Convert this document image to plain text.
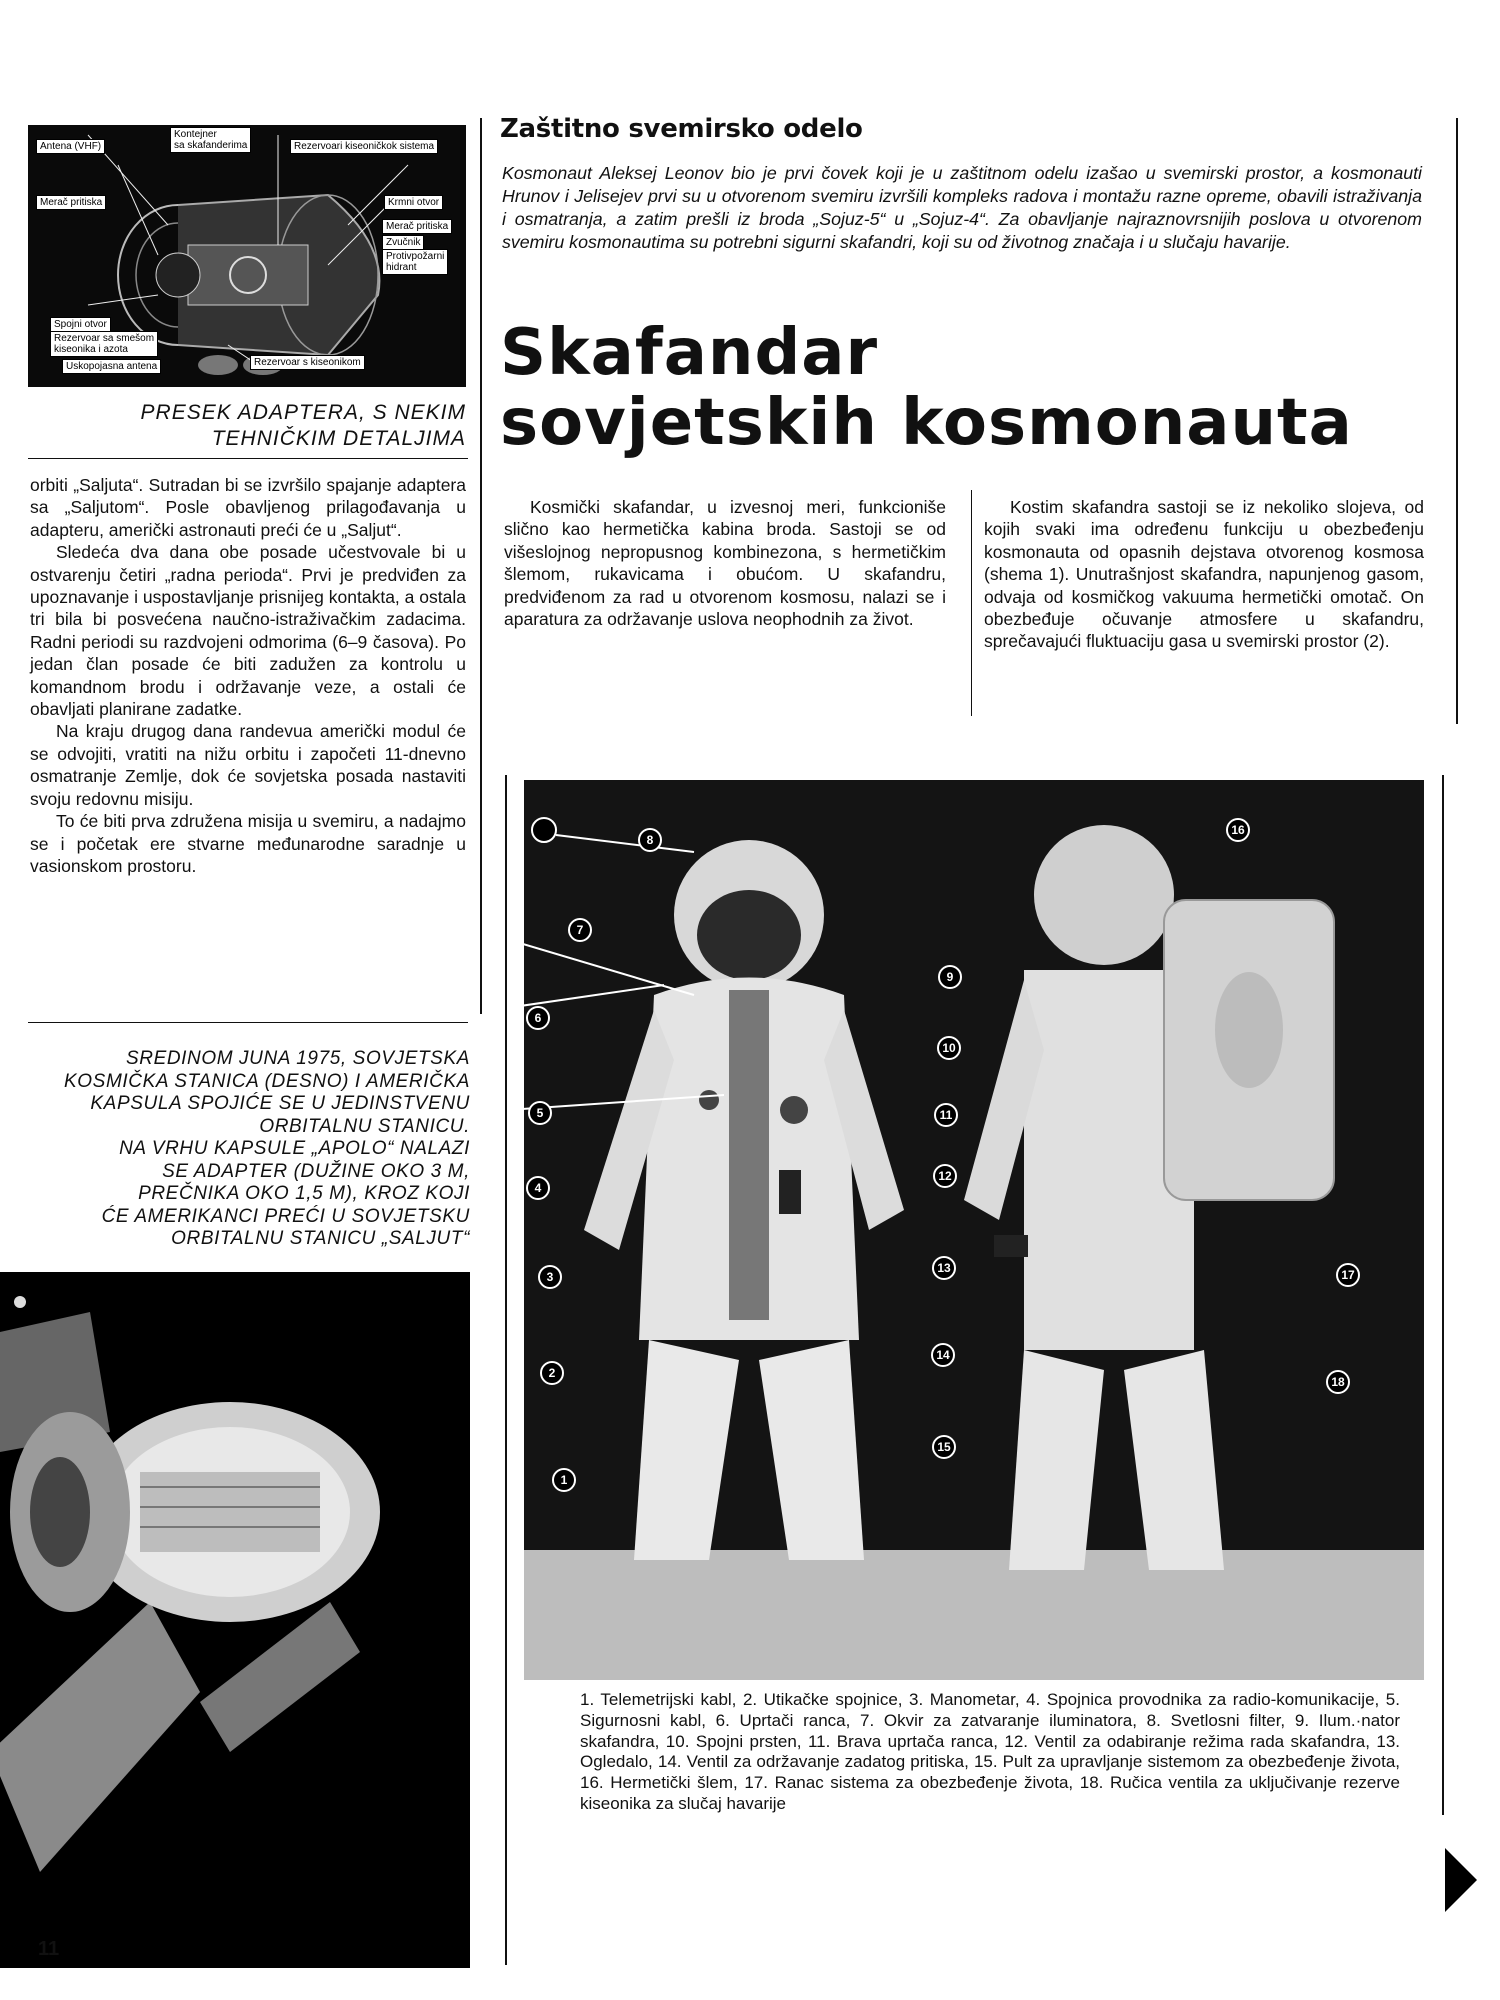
Antena (VHF)
Kontejner
sa skafanderima	Rezervoari kiseoničkok sistema
Merač pritiska	Krmni otvor
Merač pritiska
Zvučnik
Protivpožarni
hidrant
Spojni otvor
Rezervoar sa smešom
kiseonika i azota
Uskopojasna antena	Rezervoar s kiseonikom
PRESEK ADAPTERA, S NEKIM TEHNIČKIM DETALJIMA

orbiti „Saljuta“. Sutradan bi se izvršilo spajanje adaptera sa „Saljutom“. Posle obavljenog prilagođavanja u adapteru, američki astronauti preći će u „Saljut“.

Sledeća dva dana obe posade učestvovale bi u ostvarenju četiri „radna perioda“. Prvi je predviđen za upoznavanje i uspostavljanje prisnijeg kontakta, a ostala tri bila bi posvećena naučno-istraživačkim zadacima. Radni periodi su razdvojeni odmorima (6–9 časova). Po jedan član posade će biti zadužen za kontrolu u komandnom brodu i održavanje veze, a ostali će obavljati planirane zadatke.

Na kraju drugog dana randevua američki modul će se odvojiti, vratiti na nižu orbitu i započeti 11-dnevno osmatranje Zemlje, dok će sovjetska posada nastaviti svoju redovnu misiju.

To će biti prva združena misija u svemiru, a nadajmo se i početak ere stvarne međunarodne saradnje u vasionskom prostoru.

SREDINOM JUNA 1975, SOVJETSKA
KOSMIČKA STANICA (DESNO) I AMERIČKA
KAPSULA SPOJIĆE SE U JEDINSTVENU
ORBITALNU STANICU.
NA VRHU KAPSULE „APOLO“ NALAZI
SE ADAPTER (DUŽINE OKO 3 M,
PREČNIKA OKO 1,5 M), KROZ KOJI
ĆE AMERIKANCI PREĆI U SOVJETSKU
ORBITALNU STANICU „SALJUT“
Zaštitno svemirsko odelo
Kosmonaut Aleksej Leonov bio je prvi čovek koji je u zaštitnom odelu izašao u svemirski prostor, a kosmonauti Hrunov i Jelisejev prvi su u otvorenom svemiru izvršili kompleks radova i montažu razne opreme, obavili istraživanja i osmatranja, a zatim prešli iz broda „Sojuz-5“ u „Sojuz-4“. Za obavljanje najraznovrsnijih poslova u otvorenom svemiru kosmonautima su potrebni sigurni skafandri, koji su od životnog značaja i u slučaju havarije.
Skafandar
sovjetskih kosmonauta

Kosmički skafandar, u izvesnoj meri, funkcioniše slično kao hermetička kabina broda. Sastoji se od višeslojnog nepropusnog kombinezona, s hermetičkim šlemom, rukavicama i obućom. U skafandru, predviđenom za rad u otvorenom kosmosu, nalazi se i aparatura za održavanje uslova neophodnih za život.

Kostim skafandra sastoji se iz nekoliko slojeva, od kojih svaki ima određenu funkciju u obezbeđenju kosmonauta od opasnih dejstava otvorenog kosmosa (shema 1). Unutrašnjost skafandra, napunjenog gasom, odvaja od kosmičkog vakuuma hermetički omotač. On obezbeđuje očuvanje atmosfere u skafandru, sprečavajući fluktuaciju gasa u svemirski prostor (2).

8
7
6
5
4
3
2
1
9
10
11
12
13
14
15
16
17
18
1. Telemetrijski kabl, 2. Utikačke spojnice, 3. Manometar, 4. Spojnica provodnika za radio-komunikacije, 5. Sigurnosni kabl, 6. Uprtači ranca, 7. Okvir za zatvaranje iluminatora, 8. Svetlosni filter, 9. Ilum.·nator skafandra, 10. Spojni prsten, 11. Brava uprtača ranca, 12. Ventil za odabiranje režima rada skafandra, 13. Ogledalo, 14. Ventil za održavanje zadatog pritiska, 15. Pult za upravljanje sistemom za obezbeđenje života, 16. Hermetički šlem, 17. Ranac sistema za obezbeđenje života, 18. Ručica ventila za uključivanje rezerve kiseonika za slučaj havarije
11
